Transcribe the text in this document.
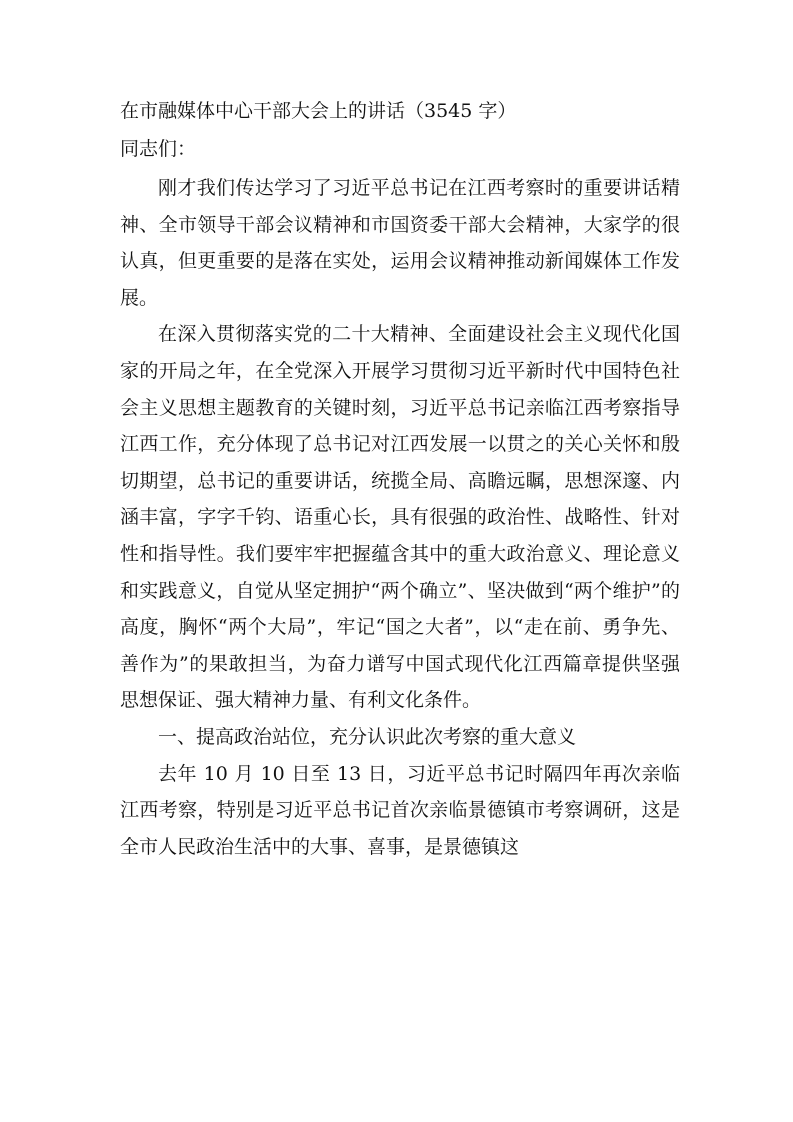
在市融媒体中心干部大会上的讲话（3545 字）

同志们：

刚才我们传达学习了习近平总书记在江西考察时的重要讲话精神、全市领导干部会议精神和市国资委干部大会精神，大家学的很认真，但更重要的是落在实处，运用会议精神推动新闻媒体工作发展。

在深入贯彻落实党的二十大精神、全面建设社会主义现代化国家的开局之年，在全党深入开展学习贯彻习近平新时代中国特色社会主义思想主题教育的关键时刻，习近平总书记亲临江西考察指导江西工作，充分体现了总书记对江西发展一以贯之的关心关怀和殷切期望，总书记的重要讲话，统揽全局、高瞻远瞩，思想深邃、内涵丰富，字字千钧、语重心长，具有很强的政治性、战略性、针对性和指导性。我们要牢牢把握蕴含其中的重大政治意义、理论意义和实践意义，自觉从坚定拥护“两个确立”、坚决做到“两个维护”的高度，胸怀“两个大局”，牢记“国之大者”，以“走在前、勇争先、善作为”的果敢担当，为奋力谱写中国式现代化江西篇章提供坚强思想保证、强大精神力量、有利文化条件。

一、提高政治站位，充分认识此次考察的重大意义

去年 10 月 10 日至 13 日，习近平总书记时隔四年再次亲临江西考察，特别是习近平总书记首次亲临景德镇市考察调研，这是全市人民政治生活中的大事、喜事，是景德镇这
